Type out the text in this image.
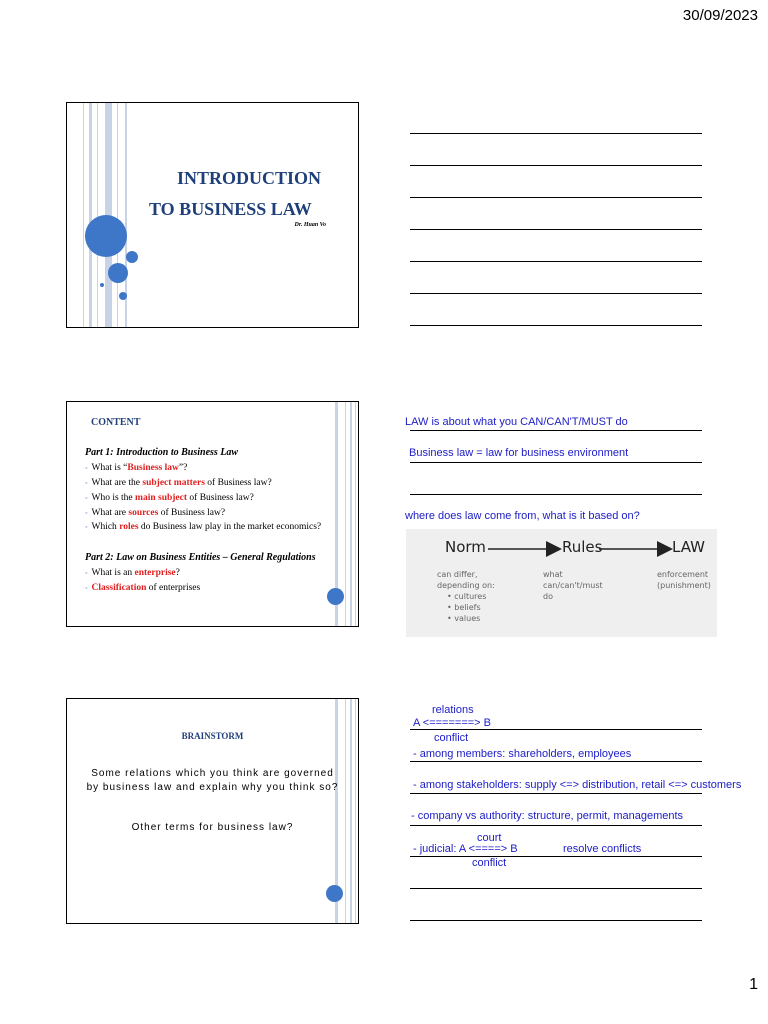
30/09/2023
INTRODUCTION
TO BUSINESS LAW
Dr. Huan Vo
CONTENT
Part 1: Introduction to Business Law
◦ What is “Business law”?
◦ What are the subject matters of Business law?
◦ Who is the main subject of Business law?
◦ What are sources of Business law?
◦ Which roles do Business law play in the market economics?
Part 2: Law on Business Entities – General Regulations
◦ What is an enterprise?
◦ Classification of enterprises
BRAINSTORM
Some relations which you think are governed
by business law and explain why you think so?
Other terms for business law?
LAW is about what you CAN/CAN'T/MUST do
Business law = law for business environment
where does law come from, what is it based on?
Norm	Rules	LAW
can differ,
depending on:
• cultures
• beliefs
• values
what
can/can't/must
do
enforcement
(punishment)
relations
A <=======> B
conflict
- among members: shareholders, employees
- among stakeholders: supply <=> distribution, retail <=> customers
- company vs authority: structure, permit, managements
court
- judicial: A <====> B	resolve conflicts
conflict
1
